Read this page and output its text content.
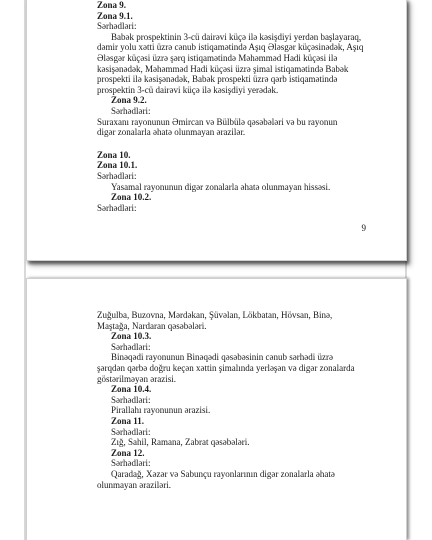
Zona 9.
Zona 9.1.
Sərhədləri:
Babək prospektinin 3-cü dairəvi küçə ilə kəsişdiyi yerdən başlayaraq,
dəmir yolu xətti üzrə cənub istiqamətində Aşıq Ələsgər küçəsinədək, Aşıq
Ələsgər küçəsi üzrə şərq istiqamətində Məhəmməd Hadi küçəsi ilə
kəsişənədək, Məhəmməd Hadi küçəsi üzrə şimal istiqamətində Babək
prospekti ilə kəsişənədək, Babək prospekti üzrə qərb istiqamətində
prospektin 3-cü dairəvi küçə ilə kəsişdiyi yerədək.
Zona 9.2.
Sərhədləri:
Suraxanı rayonunun Əmircan və Bülbülə qəsəbələri və bu rayonun
digər zonalarla əhatə olunmayan ərazilər.
Zona 10.
Zona 10.1.
Sərhədləri:
Yasamal rayonunun digər zonalarla əhatə olunmayan hissəsi.
Zona 10.2.
Sərhədləri:
9
Zuğulba, Buzovna, Mərdəkan, Şüvəlan, Lökbatan, Hövsan, Binə,
Maştağa, Nardaran qəsəbələri.
Zona 10.3.
Sərhədləri:
Binəqədi rayonunun Binəqədi qəsəbəsinin cənub sərhədi üzrə
şərqdən qərbə doğru keçən xəttin şimalında yerləşən və digər zonalarda
göstərilməyən ərazisi.
Zona 10.4.
Sərhədləri:
Pirallahı rayonunun ərazisi.
Zona 11.
Sərhədləri:
Zığ, Sahil, Ramana, Zabrat qəsəbələri.
Zona 12.
Sərhədləri:
Qaradağ, Xəzər və Sabunçu rayonlarının digər zonalarla əhatə
olunmayan əraziləri.
